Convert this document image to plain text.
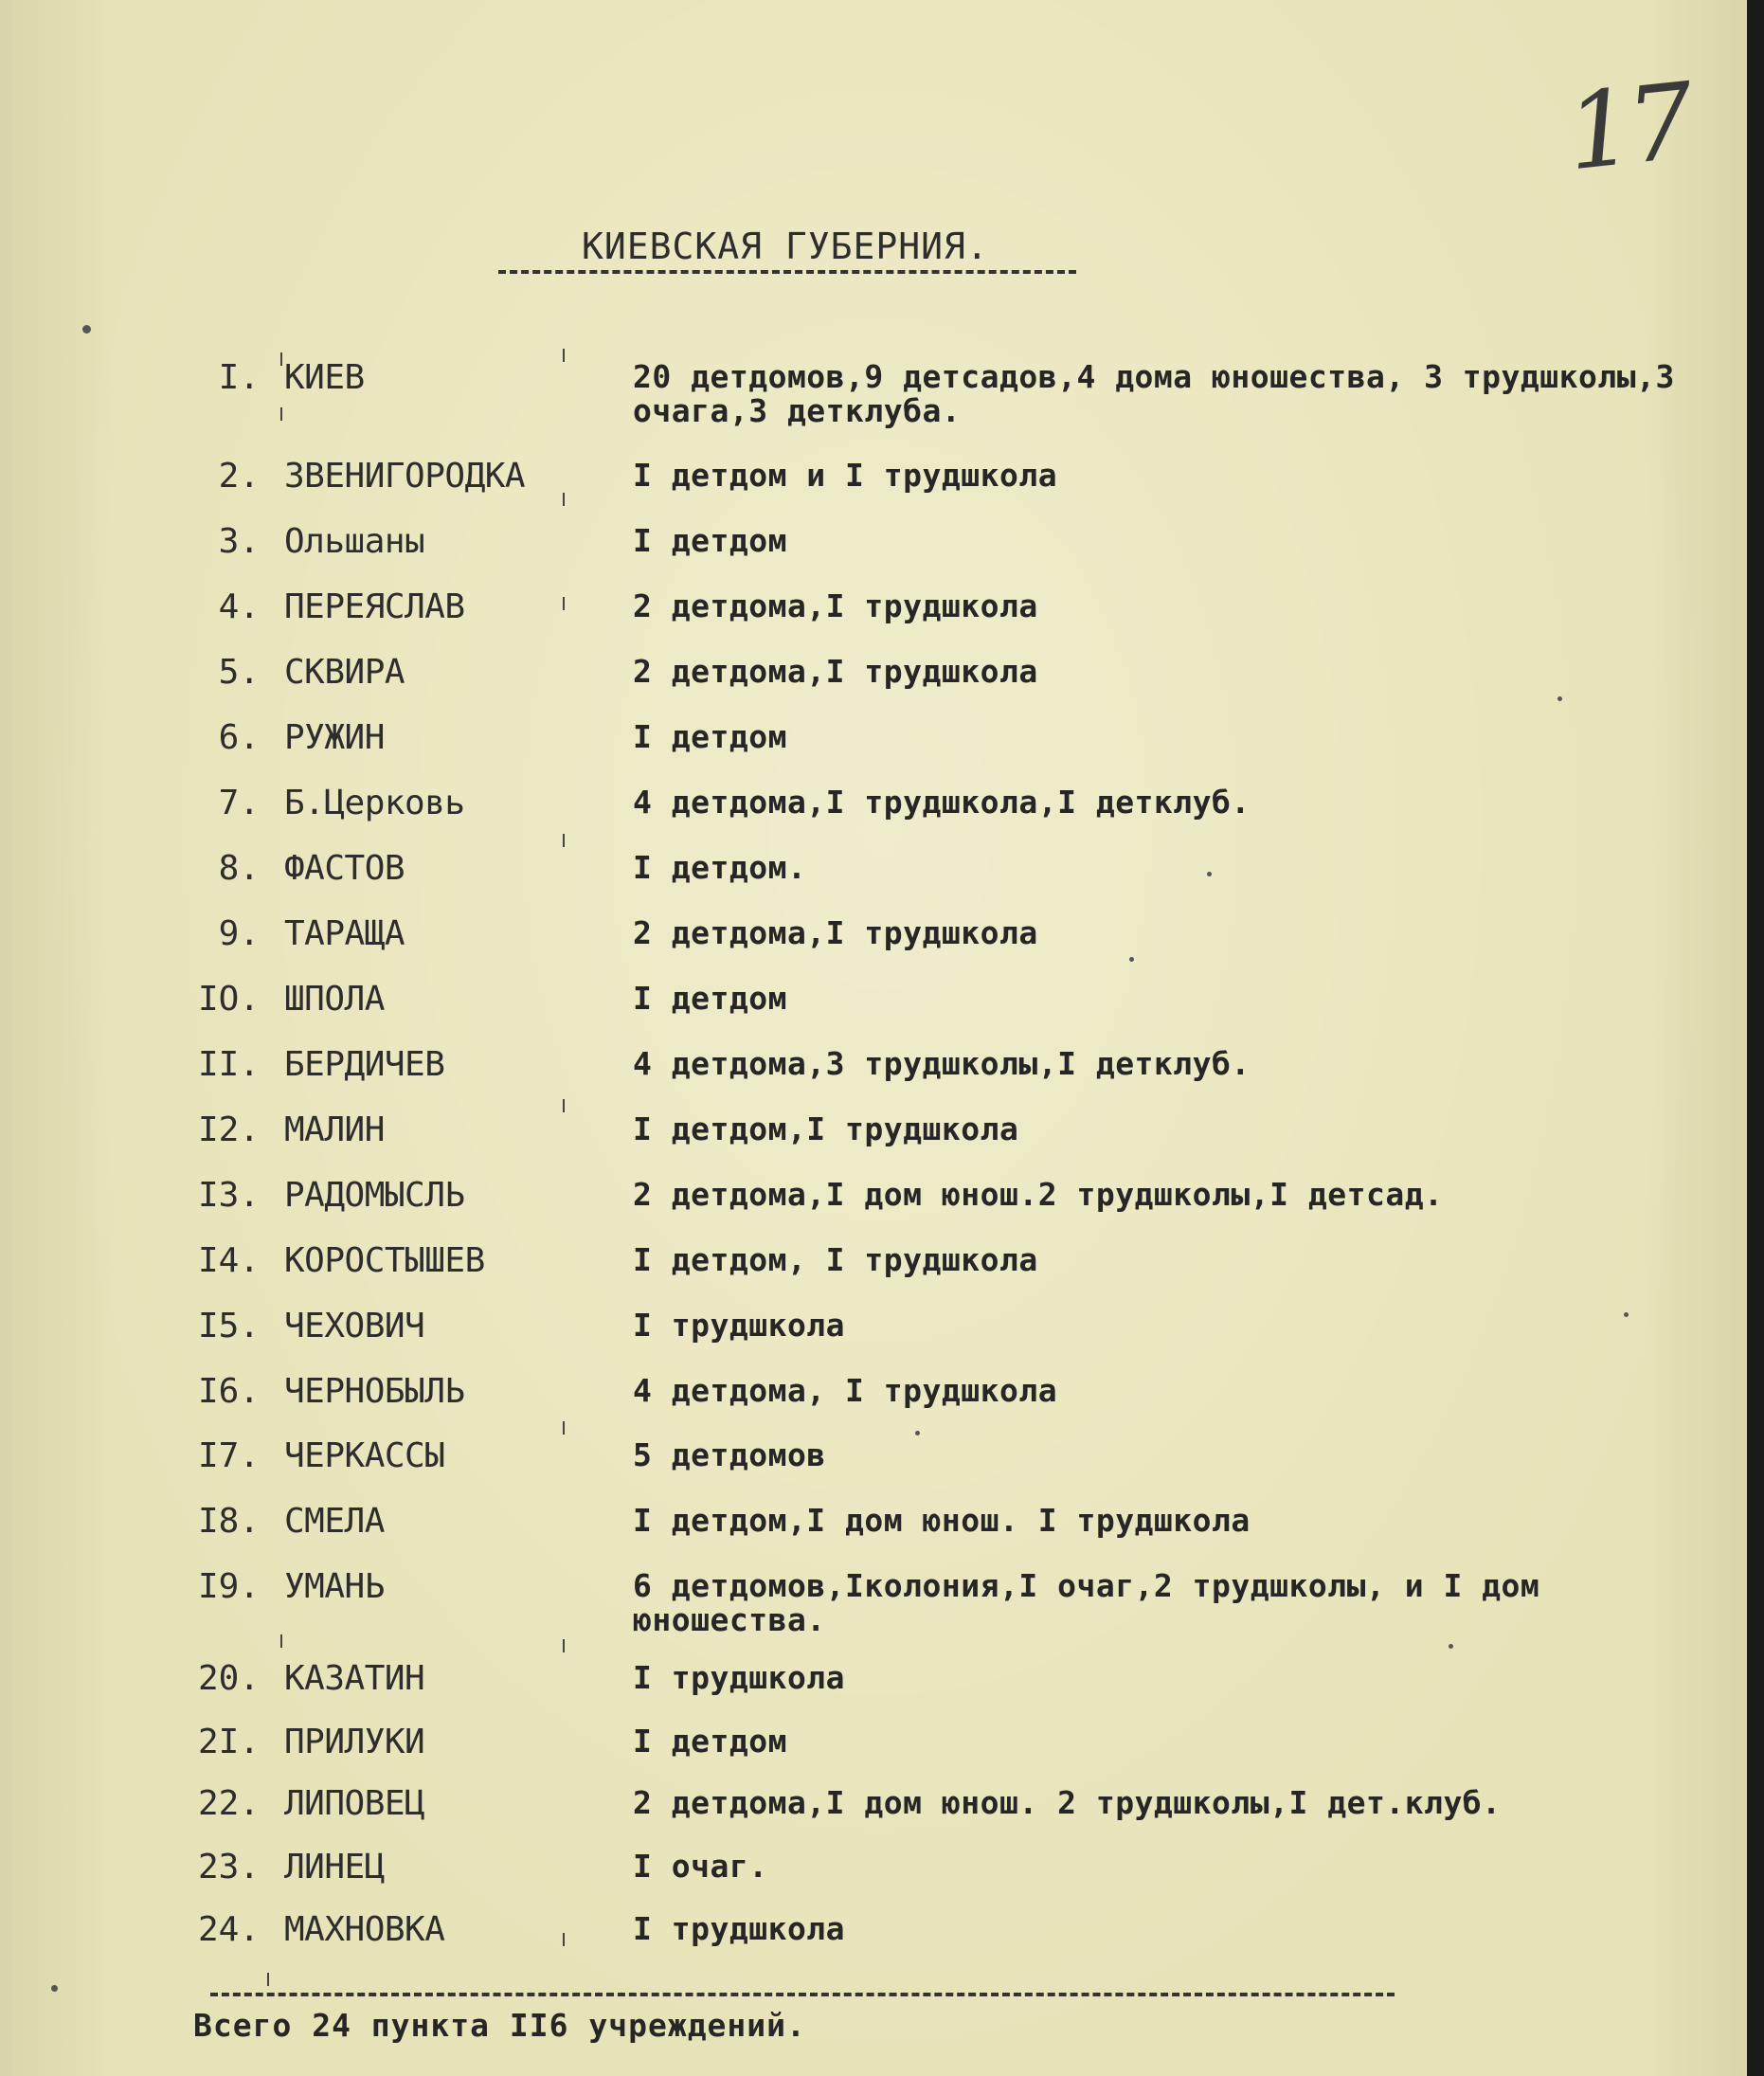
17
КИЕВСКАЯ ГУБЕРНИЯ.
I. КИЕВ	20 детдомов,9 детсадов,4 дома юношества, 3 трудшколы,3 очага,3 детклуба.
2. ЗВЕНИГОРОДКА	I детдом и I трудшкола
3. Ольшаны	I детдом
4. ПЕРЕЯСЛАВ	2 детдома,I трудшкола
5. СКВИРА	2 детдома,I трудшкола
6. РУЖИН	I детдом
7. Б.Церковь	4 детдома,I трудшкола,I детклуб.
8. ФАСТОВ	I детдом.
9. ТАРАЩА	2 детдома,I трудшкола
IO. ШПОЛА	I детдом
II. БЕРДИЧЕВ	4 детдома,3 трудшколы,I детклуб.
I2. МАЛИН	I детдом,I трудшкола
I3. РАДОМЫСЛЬ	2 детдома,I дом юнош.2 трудшколы,I детсад.
I4. КОРОСТЫШЕВ	I детдом, I трудшкола
I5. ЧЕХОВИЧ	I трудшкола
I6. ЧЕРНОБЫЛЬ	4 детдома, I трудшкола
I7. ЧЕРКАССЫ	5 детдомов
I8. СМЕЛА	I детдом,I дом юнош. I трудшкола
I9. УМАНЬ	6 детдомов,Iколония,I очаг,2 трудшколы, и I дом юношества.
20. КАЗАТИН	I трудшкола
2I. ПРИЛУКИ	I детдом
22. ЛИПОВЕЦ	2 детдома,I дом юнош. 2 трудшколы,I дет.клуб.
23. ЛИНЕЦ	I очаг.
24. МАХНОВКА	I трудшкола
Всего 24 пункта II6 учреждений.
